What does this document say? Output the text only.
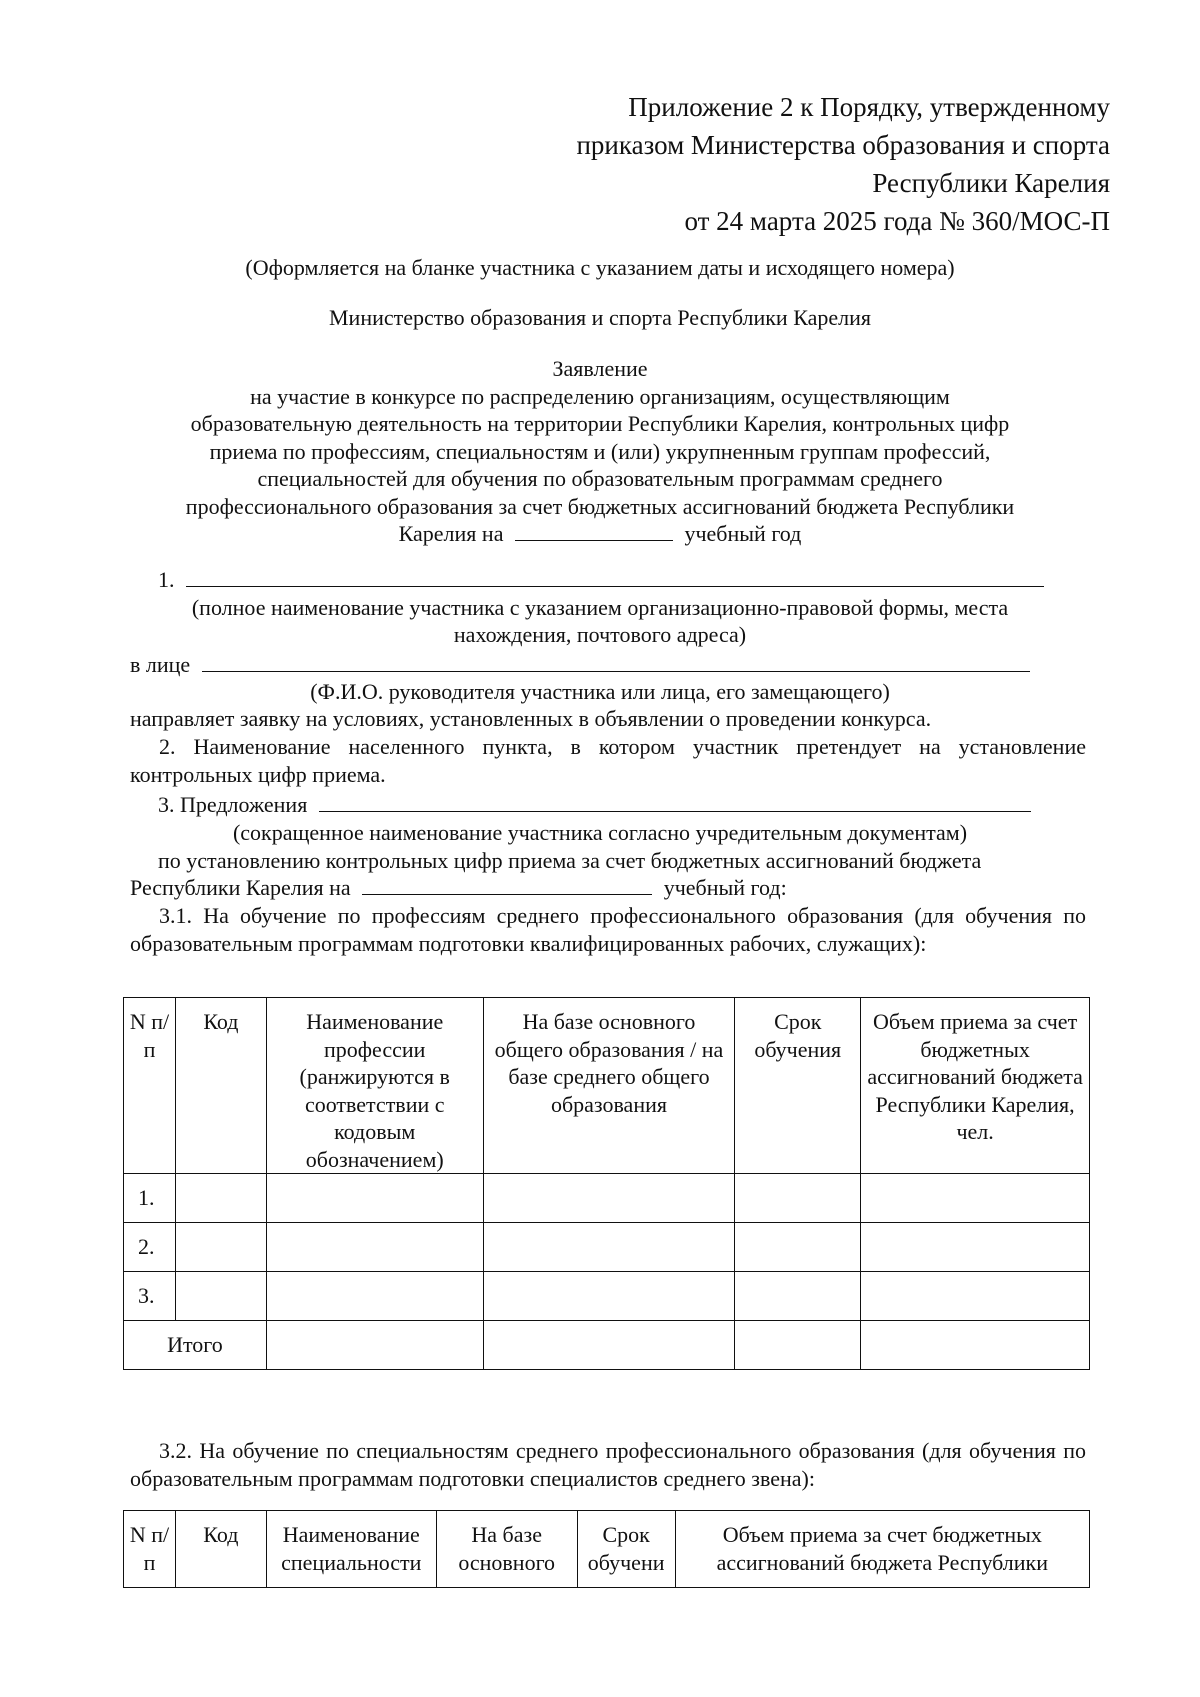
Приложение 2 к Порядку, утвержденному
приказом Министерства образования и спорта
Республики Карелия
от 24 марта 2025 года № 360/МОС-П
(Оформляется на бланке участника с указанием даты и исходящего номера)
Министерство образования и спорта Республики Карелия
Заявление
на участие в конкурсе по распределению организациям, осуществляющим
образовательную деятельность на территории Республики Карелия, контрольных цифр
приема по профессиям, специальностям и (или) укрупненным группам профессий,
специальностей для обучения по образовательным программам среднего
профессионального образования за счет бюджетных ассигнований бюджета Республики
Карелия на	учебный год
1.
(полное наименование участника с указанием организационно-правовой формы, места
нахождения, почтового адреса)
в лице
(Ф.И.О. руководителя участника или лица, его замещающего)
направляет заявку на условиях, установленных в объявлении о проведении конкурса.
2. Наименование населенного пункта, в котором участник претендует на установление контрольных цифр приема.
3. Предложения
(сокращенное наименование участника согласно учредительным документам)
по установлению контрольных цифр приема за счет бюджетных ассигнований бюджета
Республики Карелия на	учебный год:
3.1. На обучение по профессиям среднего профессионального образования (для обучения по образовательным программам подготовки квалифицированных рабочих, служащих):
N п/п	Код	Наименование профессии (ранжируются в соответствии с кодовым обозначением)	На базе основного общего образования / на базе среднего общего образования	Срок обучения	Объем приема за счет бюджетных ассигнований бюджета Республики Карелия, чел.
1.					
2.					
3.					
Итого					
3.2. На обучение по специальностям среднего профессионального образования (для обучения по образовательным программам подготовки специалистов среднего звена):
N п/п	Код	Наименование специальности	На базе основного	Срок обучени	Объем приема за счет бюджетных ассигнований бюджета Республики
